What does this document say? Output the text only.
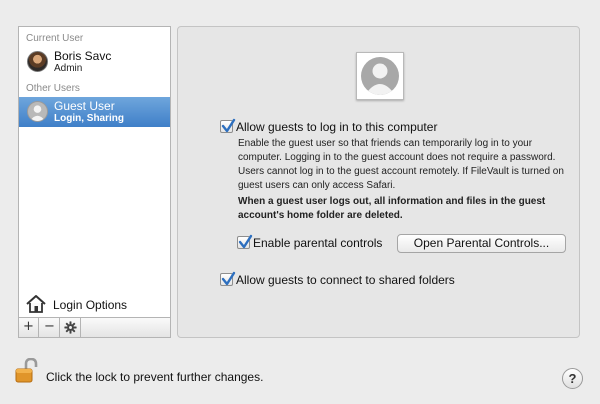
Current User
Boris Savc
Admin
Other Users
Guest User
Login, Sharing
Login Options
+ −
Allow guests to log in to this computer
Enable the guest user so that friends can temporarily log in to your computer. Logging in to the guest account does not require a password. Users cannot log in to the guest account remotely. If FileVault is turned on guest users can only access Safari.
When a guest user logs out, all information and files in the guest account's home folder are deleted.
Enable parental controls	Open Parental Controls...
Allow guests to connect to shared folders
Click the lock to prevent further changes.	?
